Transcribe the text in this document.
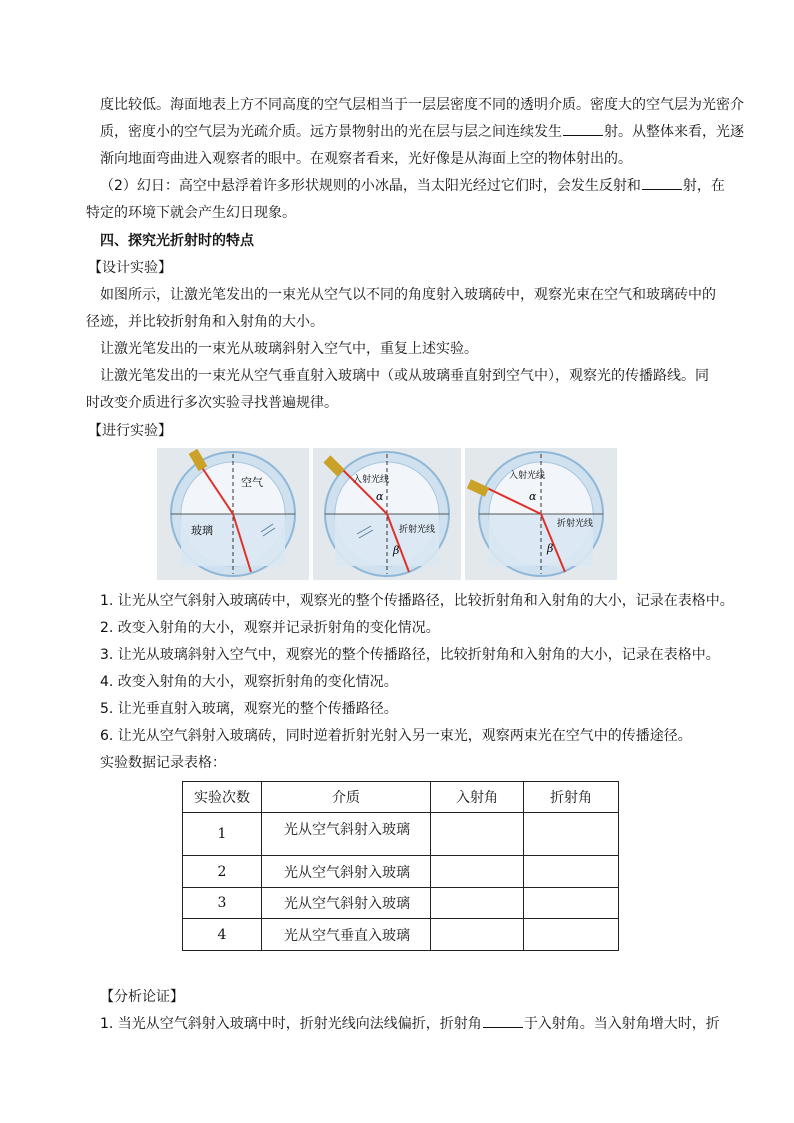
度比较低。海面地表上方不同高度的空气层相当于一层层密度不同的透明介质。密度大的空气层为光密介
质，密度小的空气层为光疏介质。远方景物射出的光在层与层之间连续发生	射。从整体来看，光逐
渐向地面弯曲进入观察者的眼中。在观察者看来，光好像是从海面上空的物体射出的。
（2）幻日：高空中悬浮着许多形状规则的小冰晶，当太阳光经过它们时，会发生反射和	射，在
特定的环境下就会产生幻日现象。
四、探究光折射时的特点
【设计实验】
如图所示，让激光笔发出的一束光从空气以不同的角度射入玻璃砖中，观察光束在空气和玻璃砖中的
径迹，并比较折射角和入射角的大小。
让激光笔发出的一束光从玻璃斜射入空气中，重复上述实验。
让激光笔发出的一束光从空气垂直射入玻璃中（或从玻璃垂直射到空气中），观察光的传播路线。同
时改变介质进行多次实验寻找普遍规律。
【进行实验】
空气
玻璃
入射光线
折射光线
α
β
入射光线
折射光线
α
β
1. 让光从空气斜射入玻璃砖中，观察光的整个传播路径，比较折射角和入射角的大小，记录在表格中。
2. 改变入射角的大小，观察并记录折射角的变化情况。
3. 让光从玻璃斜射入空气中，观察光的整个传播路径，比较折射角和入射角的大小，记录在表格中。
4. 改变入射角的大小，观察折射角的变化情况。
5. 让光垂直射入玻璃，观察光的整个传播路径。
6. 让光从空气斜射入玻璃砖，同时逆着折射光射入另一束光，观察两束光在空气中的传播途径。
实验数据记录表格：
实验次数	介质	入射角	折射角
1	光从空气斜射入玻璃		
2	光从空气斜射入玻璃		
3	光从空气斜射入玻璃		
4	光从空气垂直入玻璃		
【分析论证】
1. 当光从空气斜射入玻璃中时，折射光线向法线偏折，折射角	于入射角。当入射角增大时，折
